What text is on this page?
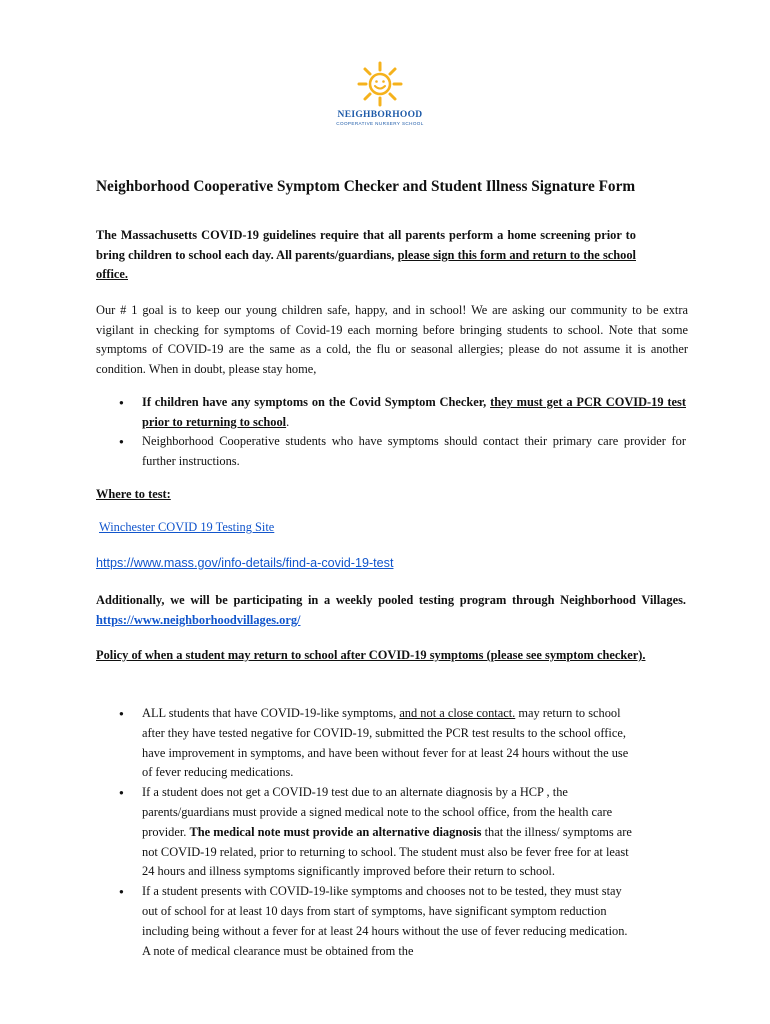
NEIGHBORHOOD
COOPERATIVE NURSERY SCHOOL
Neighborhood Cooperative Symptom Checker and Student Illness Signature Form
The Massachusetts COVID-19 guidelines require that all parents perform a home screening prior to bring children to school each day. All parents/guardians, please sign this form and return to the school office.
Our # 1 goal is to keep our young children safe, happy, and in school! We are asking our community to be extra vigilant in checking for symptoms of Covid-19 each morning before bringing students to school. Note that some symptoms of COVID-19 are the same as a cold, the flu or seasonal allergies; please do not assume it is another condition. When in doubt, please stay home,
● If children have any symptoms on the Covid Symptom Checker, they must get a PCR COVID-19 test prior to returning to school.
● Neighborhood Cooperative students who have symptoms should contact their primary care provider for further instructions.
Where to test:
Winchester COVID 19 Testing Site
https://www.mass.gov/info-details/find-a-covid-19-test
Additionally, we will be participating in a weekly pooled testing program through Neighborhood Villages. https://www.neighborhoodvillages.org/
Policy of when a student may return to school after COVID-19 symptoms (please see symptom checker).
● ALL students that have COVID-19-like symptoms, and not a close contact. may return to school after they have tested negative for COVID-19, submitted the PCR test results to the school office, have improvement in symptoms, and have been without fever for at least 24 hours without the use of fever reducing medications.
● If a student does not get a COVID-19 test due to an alternate diagnosis by a HCP , the parents/guardians must provide a signed medical note to the school office, from the health care provider. The medical note must provide an alternative diagnosis that the illness/ symptoms are not COVID-19 related, prior to returning to school. The student must also be fever free for at least 24 hours and illness symptoms significantly improved before their return to school.
● If a student presents with COVID-19-like symptoms and chooses not to be tested, they must stay out of school for at least 10 days from start of symptoms, have significant symptom reduction including being without a fever for at least 24 hours without the use of fever reducing medication. A note of medical clearance must be obtained from the
